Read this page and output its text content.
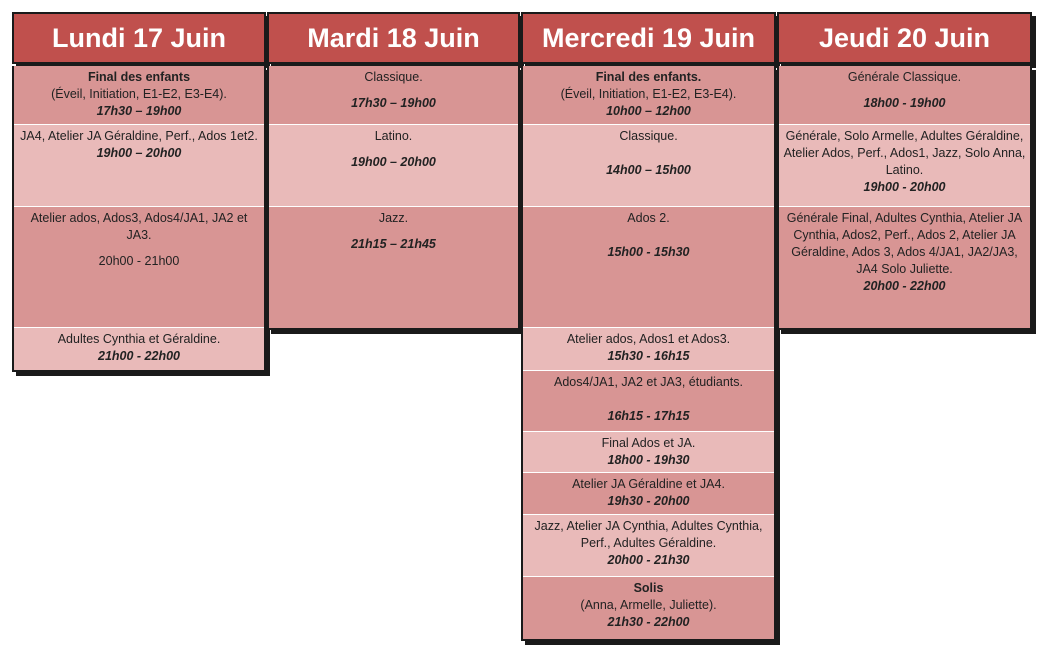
Lundi 17 Juin	Mardi 18 Juin Mercredi 19 Juin Jeudi 20 Juin
Final des enfants
(Éveil, Initiation, E1-E2, E3-E4).
17h30 – 19h00
JA4, Atelier JA Géraldine, Perf., Ados 1et2.
19h00 – 20h00
Atelier ados, Ados3, Ados4/JA1, JA2 et JA3.
20h00 - 21h00
Adultes Cynthia et Géraldine.
21h00 - 22h00
Classique.
17h30 – 19h00
Latino.
19h00 – 20h00
Jazz.
21h15 – 21h45
Final des enfants.
(Éveil, Initiation, E1-E2, E3-E4).
10h00 – 12h00
Classique.
14h00 – 15h00
Ados 2.
15h00 - 15h30
Atelier ados, Ados1 et Ados3.
15h30 - 16h15
Ados4/JA1, JA2 et JA3, étudiants.
16h15 - 17h15
Final Ados et JA.
18h00 - 19h30
Atelier JA Géraldine et JA4.
19h30 - 20h00
Jazz, Atelier JA Cynthia, Adultes Cynthia, Perf., Adultes Géraldine.
20h00 - 21h30
Solis
(Anna, Armelle, Juliette).
21h30 - 22h00
Générale Classique.
18h00 - 19h00
Générale, Solo Armelle, Adultes Géraldine, Atelier Ados, Perf., Ados1, Jazz, Solo Anna, Latino.
19h00 - 20h00
Générale Final, Adultes Cynthia, Atelier JA Cynthia, Ados2, Perf., Ados 2, Atelier JA Géraldine, Ados 3, Ados 4/JA1, JA2/JA3, JA4 Solo Juliette.
20h00 - 22h00
